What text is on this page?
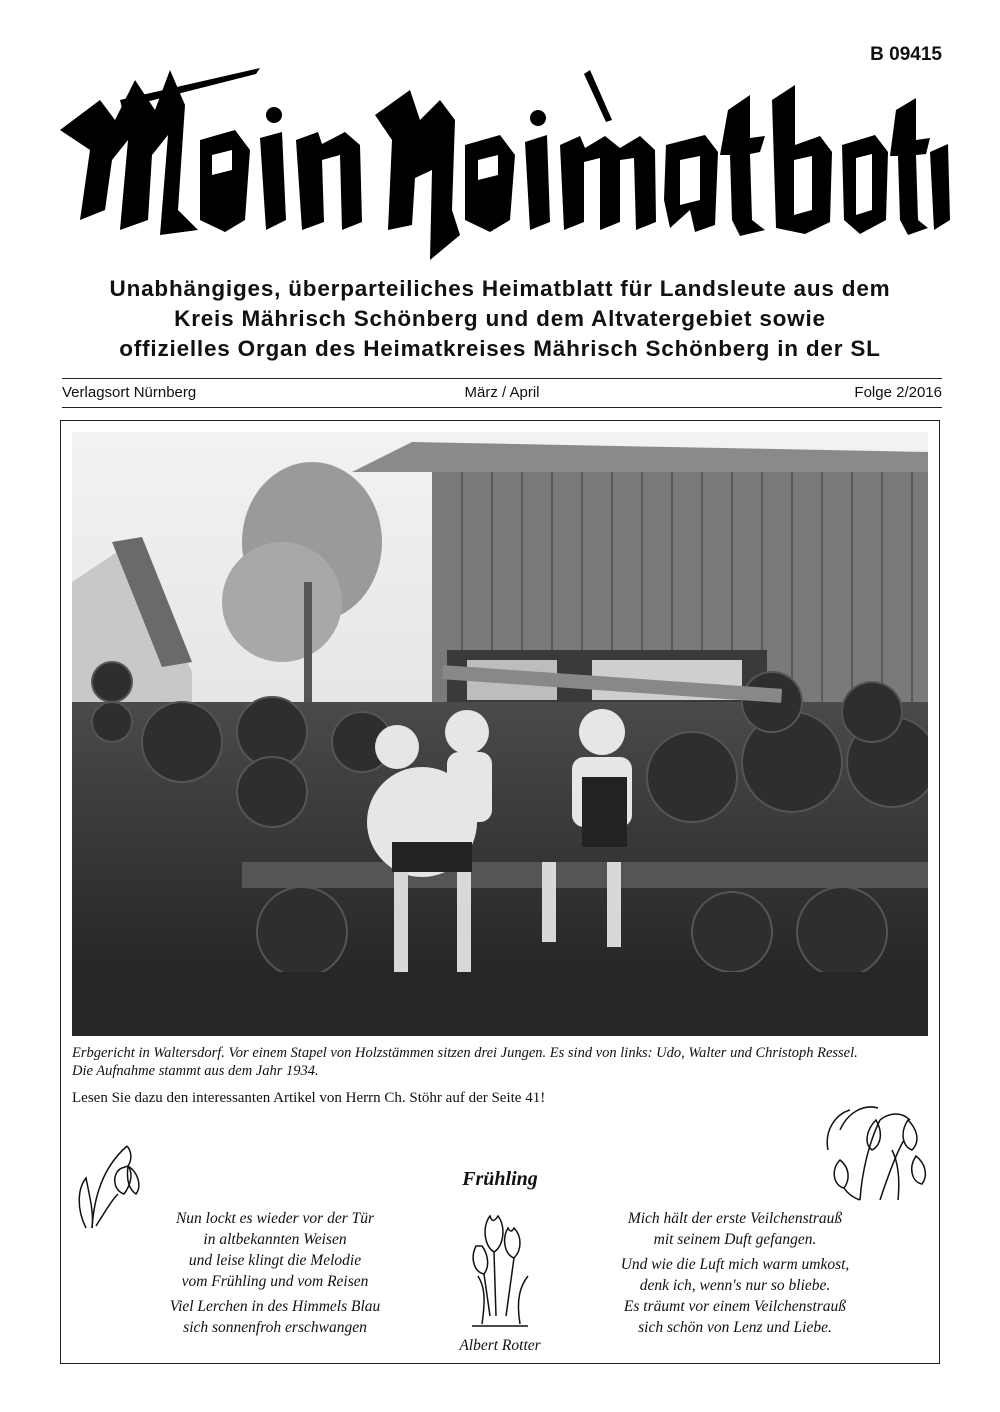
B 09415
Unabhängiges, überparteiliches Heimatblatt für Landsleute aus dem
Kreis Mährisch Schönberg und dem Altvatergebiet sowie
offizielles Organ des Heimatkreises Mährisch Schönberg in der SL
März / April
Verlagsort Nürnberg	Folge 2/2016
Erbgericht in Waltersdorf. Vor einem Stapel von Holzstämmen sitzen drei Jungen. Es sind von links: Udo, Walter und Christoph Ressel.
Die Aufnahme stammt aus dem Jahr 1934.
Lesen Sie dazu den interessanten Artikel von Herrn Ch. Stöhr auf der Seite 41!
Frühling
Nun lockt es wieder vor der Tür
in altbekannten Weisen
und leise klingt die Melodie
vom Frühling und vom Reisen
Viel Lerchen in des Himmels Blau
sich sonnenfroh erschwangen
Mich hält der erste Veilchenstrauß
mit seinem Duft gefangen.
Und wie die Luft mich warm umkost,
denk ich, wenn's nur so bliebe.
Es träumt vor einem Veilchenstrauß
sich schön von Lenz und Liebe.
Albert Rotter
